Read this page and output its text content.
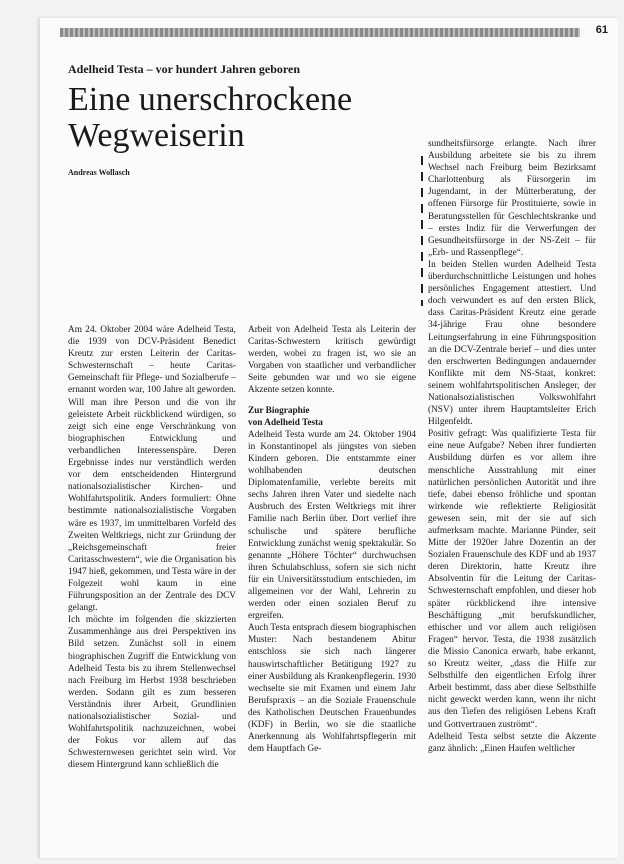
61
Adelheid Testa – vor hundert Jahren geboren
Eine unerschrockene
Wegweiserin
Andreas Wollasch

Am 24. Oktober 2004 wäre Adelheid Testa, die 1939 von DCV-Präsident Benedict Kreutz zur ersten Leiterin der Caritas-Schwesternschaft – heute Caritas-Gemeinschaft für Pflege- und Sozialberufe – ernannt worden war, 100 Jahre alt geworden. Will man ihre Person und die von ihr geleistete Arbeit rückblickend würdigen, so zeigt sich eine enge Verschränkung von biographischen Entwicklung und verbandlichen Interessenspäre. Deren Ergebnisse indes nur verständlich werden vor dem entscheidenden Hintergrund nationalsozialistischer Kirchen- und Wohlfahrtspolitik. Anders formuliert: Ohne bestimmte nationalsozialistische Vorgaben wäre es 1937, im unmittelbaren Vorfeld des Zweiten Weltkriegs, nicht zur Gründung der „Reichsgemeinschaft freier Caritasschwestern“, wie die Organisation bis 1947 hieß, gekommen, und Testa wäre in der Folgezeit wohl kaum in eine Führungsposition an der Zentrale des DCV gelangt.

Ich möchte im folgenden die skizzierten Zusammenhänge aus drei Perspektiven ins Bild setzen. Zunächst soll in einem biographischen Zugriff die Entwicklung von Adelheid Testa bis zu ihrem Stellenwechsel nach Freiburg im Herbst 1938 beschrieben werden. Sodann gilt es zum besseren Verständnis ihrer Arbeit, Grundlinien nationalsozialistischer Sozial- und Wohlfahrtspolitik nachzuzeichnen, wobei der Fokus vor allem auf das Schwesternwesen gerichtet sein wird. Vor diesem Hintergrund kann schließlich die

Arbeit von Adelheid Testa als Leiterin der Caritas-Schwestern kritisch gewürdigt werden, wobei zu fragen ist, wo sie an Vorgaben von staatlicher und verbandlicher Seite gebunden war und wo sie eigene Akzente setzen konnte.

Zur Biographie
von Adelheid Testa

Adelheid Testa wurde am 24. Oktober 1904 in Konstantinopel als jüngstes von sieben Kindern geboren. Die entstammte einer wohlhabenden deutschen Diplomatenfamilie, verlebte bereits mit sechs Jahren ihren Vater und siedelte nach Ausbruch des Ersten Weltkriegs mit ihrer Familie nach Berlin über. Dort verlief ihre schulische und spätere berufliche Entwicklung zunächst wenig spektakulär. So genannte „Höhere Töchter“ durchwuchsen ihren Schulabschluss, sofern sie sich nicht für ein Universitätsstudium entschieden, im allgemeinen vor der Wahl, Lehrerin zu werden oder einen sozialen Beruf zu ergreifen.

Auch Testa entsprach diesem biographischen Muster: Nach bestandenem Abitur entschloss sie sich nach längerer hauswirtschaftlicher Betätigung 1927 zu einer Ausbildung als Krankenpflegerin. 1930 wechselte sie mit Examen und einem Jahr Berufspraxis – an die Soziale Frauenschule des Katholischen Deutschen Frauenbundes (KDF) in Berlin, wo sie die staatliche Anerkennung als Wohlfahrtspflegerin mit dem Hauptfach Ge-

sundheitsfürsorge erlangte. Nach ihrer Ausbildung arbeitete sie bis zu ihrem Wechsel nach Freiburg beim Bezirksamt Charlottenburg als Fürsorgerin im Jugendamt, in der Mütterberatung, der offenen Fürsorge für Prostituierte, sowie in Beratungsstellen für Geschlechtskranke und – erstes Indiz für die Verwerfungen der Gesundheitsfürsorge in der NS-Zeit – für „Erb- und Rassenpflege“.

In beiden Stellen wurden Adelheid Testa überdurchschnittliche Leistungen und hohes persönliches Engagement attestiert. Und doch verwundert es auf den ersten Blick, dass Caritas-Präsident Kreutz eine gerade 34-jährige Frau ohne besondere Leitungserfahrung in eine Führungsposition an die DCV-Zentrale berief – und dies unter den erschwerten Bedingungen andauernder Konflikte mit dem NS-Staat, konkret: seinem wohlfahrtspolitischen Ansleger, der Nationalsozialistischen Volkswohlfahrt (NSV) unter ihrem Hauptamtsleiter Erich Hilgenfeldt.

Positiv gefragt: Was qualifizierte Testa für eine neue Aufgabe? Neben ihrer fundierten Ausbildung dürfen es vor allem ihre menschliche Ausstrahlung mit einer natürlichen persönlichen Autorität und ihre tiefe, dabei ebenso fröhliche und spontan wirkende wie reflektierte Religiosität gewesen sein, mit der sie auf sich aufmerksam machte. Marianne Pünder, seit Mitte der 1920er Jahre Dozentin an der Sozialen Frauenschule des KDF und ab 1937 deren Direktorin, hatte Kreutz ihre Absolventin für die Leitung der Caritas-Schwesternschaft empfohlen, und dieser hob später rückblickend ihre intensive Beschäftigung „mit berufskundlicher, ethischer und vor allem auch religiösen Fragen“ hervor. Testa, die 1938 zusätzlich die Missio Canonica erwarb, habe erkannt, so Kreutz weiter, „dass die Hilfe zur Selbsthilfe den eigentlichen Erfolg ihrer Arbeit bestimmt, dass aber diese Selbsthilfe nicht geweckt werden kann, wenn ihr nicht aus den Tiefen des religiösen Lebens Kraft und Gottvertrauen zuströmt“.

Adelheid Testa selbst setzte die Akzente ganz ähnlich: „Einen Haufen weltlicher
